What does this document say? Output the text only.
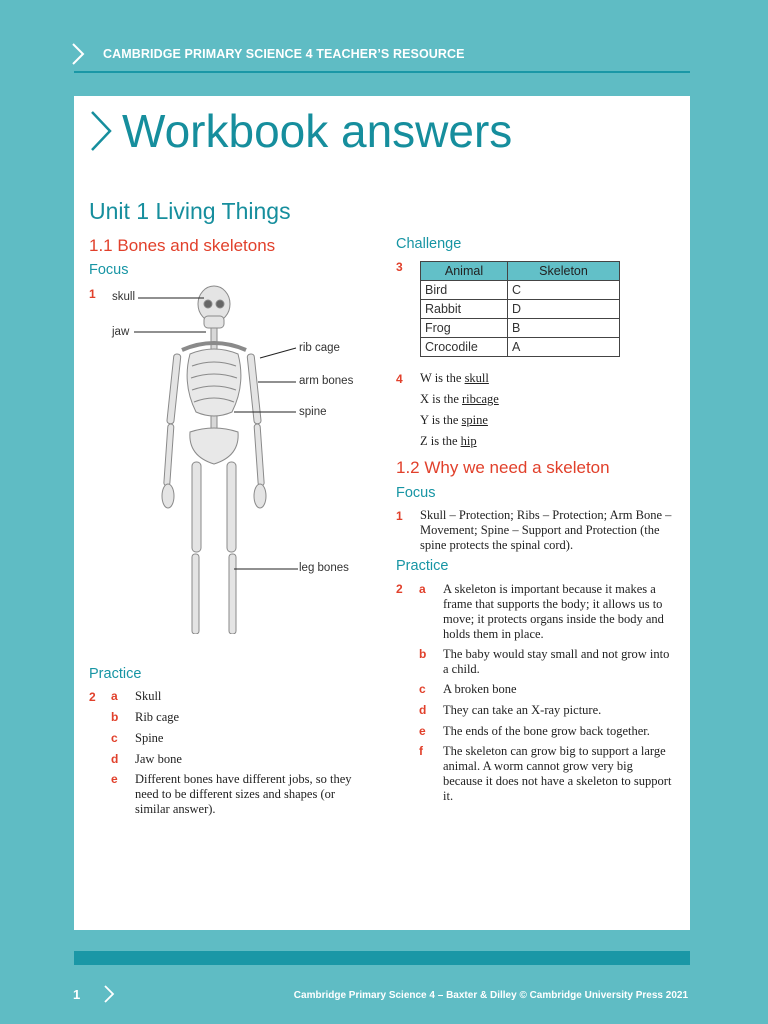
CAMBRIDGE PRIMARY SCIENCE 4 TEACHER’S RESOURCE
Workbook answers
Unit 1 Living Things
1.1 Bones and skeletons
Focus
1 skull
jaw
rib cage
arm bones
spine
leg bones
Practice
2 a	Skull
b	Rib cage
c	Spine
d	Jaw bone
e	Different bones have different jobs, so they need to be different sizes and shapes (or similar answer).
Challenge
3	Animal	Skeleton
Bird	C
Rabbit	D
Frog	B
Crocodile	A
4 W is the skull
X is the ribcage
Y is the spine
Z is the hip
1.2 Why we need a skeleton
Focus
1 Skull – Protection; Ribs – Protection; Arm Bone – Movement; Spine – Support and Protection (the spine protects the spinal cord).
Practice
2 a	A skeleton is important because it makes a frame that supports the body; it allows us to move; it protects organs inside the body and holds them in place.
b	The baby would stay small and not grow into a child.
c	A broken bone
d	They can take an X-ray picture.
e	The ends of the bone grow back together.
f	The skeleton can grow big to support a large animal. A worm cannot grow very big because it does not have a skeleton to support it.
1	Cambridge Primary Science 4 – Baxter & Dilley © Cambridge University Press 2021
